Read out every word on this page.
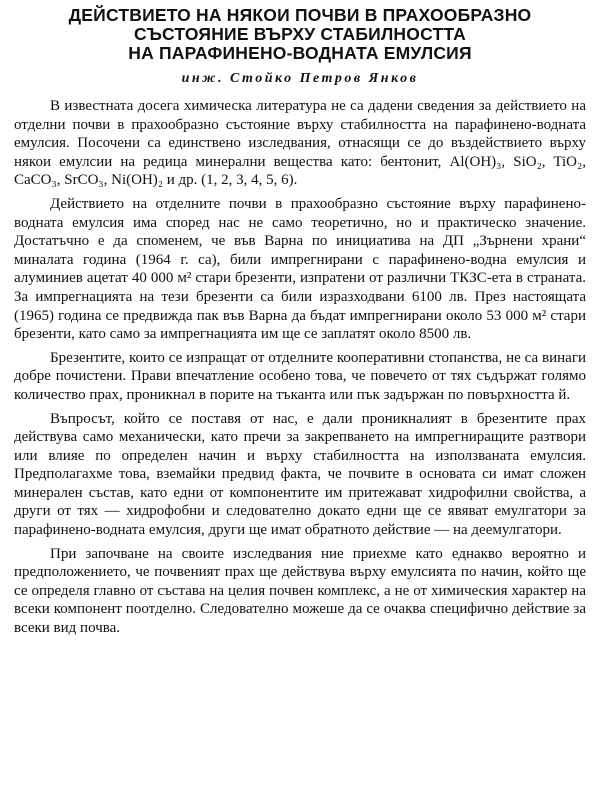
ДЕЙСТВИЕТО НА НЯКОИ ПОЧВИ В ПРАХООБРАЗНО
СЪСТОЯНИЕ ВЪРХУ СТАБИЛНОСТТА
НА ПАРАФИНЕНО-ВОДНАТА ЕМУЛСИЯ
инж. Стойко Петров Янков

В известната досега химическа литература не са дадени сведения за действието на отделни почви в прахообразно състояние върху стабилността на парафинено-водната емулсия. Посочени са единствено изследвания, отнасящи се до въздействието върху някои емулсии на редица минерални вещества като: бентонит, Al(OH)₃, SiO₂, TiO₂, CaCO₃, SrCO₃, Ni(OH)₂ и др. (1, 2, 3, 4, 5, 6).

Действието на отделните почви в прахообразно състояние върху парафинено-водната емулсия има според нас не само теоретично, но и практическо значение. Достатъчно е да споменем, че във Варна по инициатива на ДП „Зърнени храни“ миналата година (1964 г. са), били импрегнирани с парафинено-водна емулсия и алуминиев ацетат 40 000 м² стари брезенти, изпратени от различни ТКЗС-ета в страната. За импрегнацията на тези брезенти са били изразходвани 6100 лв. През настоящата (1965) година се предвижда пак във Варна да бъдат импрегнирани около 53 000 м² стари брезенти, като само за импрегнацията им ще се заплатят около 8500 лв.

Брезентите, които се изпращат от отделните кооперативни стопанства, не са винаги добре почистени. Прави впечатление особено това, че повечето от тях съдържат голямо количество прах, проникнал в порите на тъканта или пък задържан по повърхността й.

Въпросът, който се поставя от нас, е дали проникналият в брезентите прах действува само механически, като пречи за закрепването на импрегниращите разтвори или влияе по определен начин и върху стабилността на използваната емулсия. Предполагахме това, вземайки предвид факта, че почвите в основата си имат сложен минерален състав, като едни от компонентите им притежават хидрофилни свойства, а други от тях — хидрофобни и следователно докато едни ще се явяват емулгатори за парафинено-водната емулсия, други ще имат обратното действие — на деемулгатори.

При започване на своите изследвания ние приехме като еднакво вероятно и предположението, че почвеният прах ще действува върху емулсията по начин, който ще се определя главно от състава на целия почвен комплекс, а не от химическия характер на всеки компонент поотделно. Следователно можеше да се очаква специфично действие за всеки вид почва.
